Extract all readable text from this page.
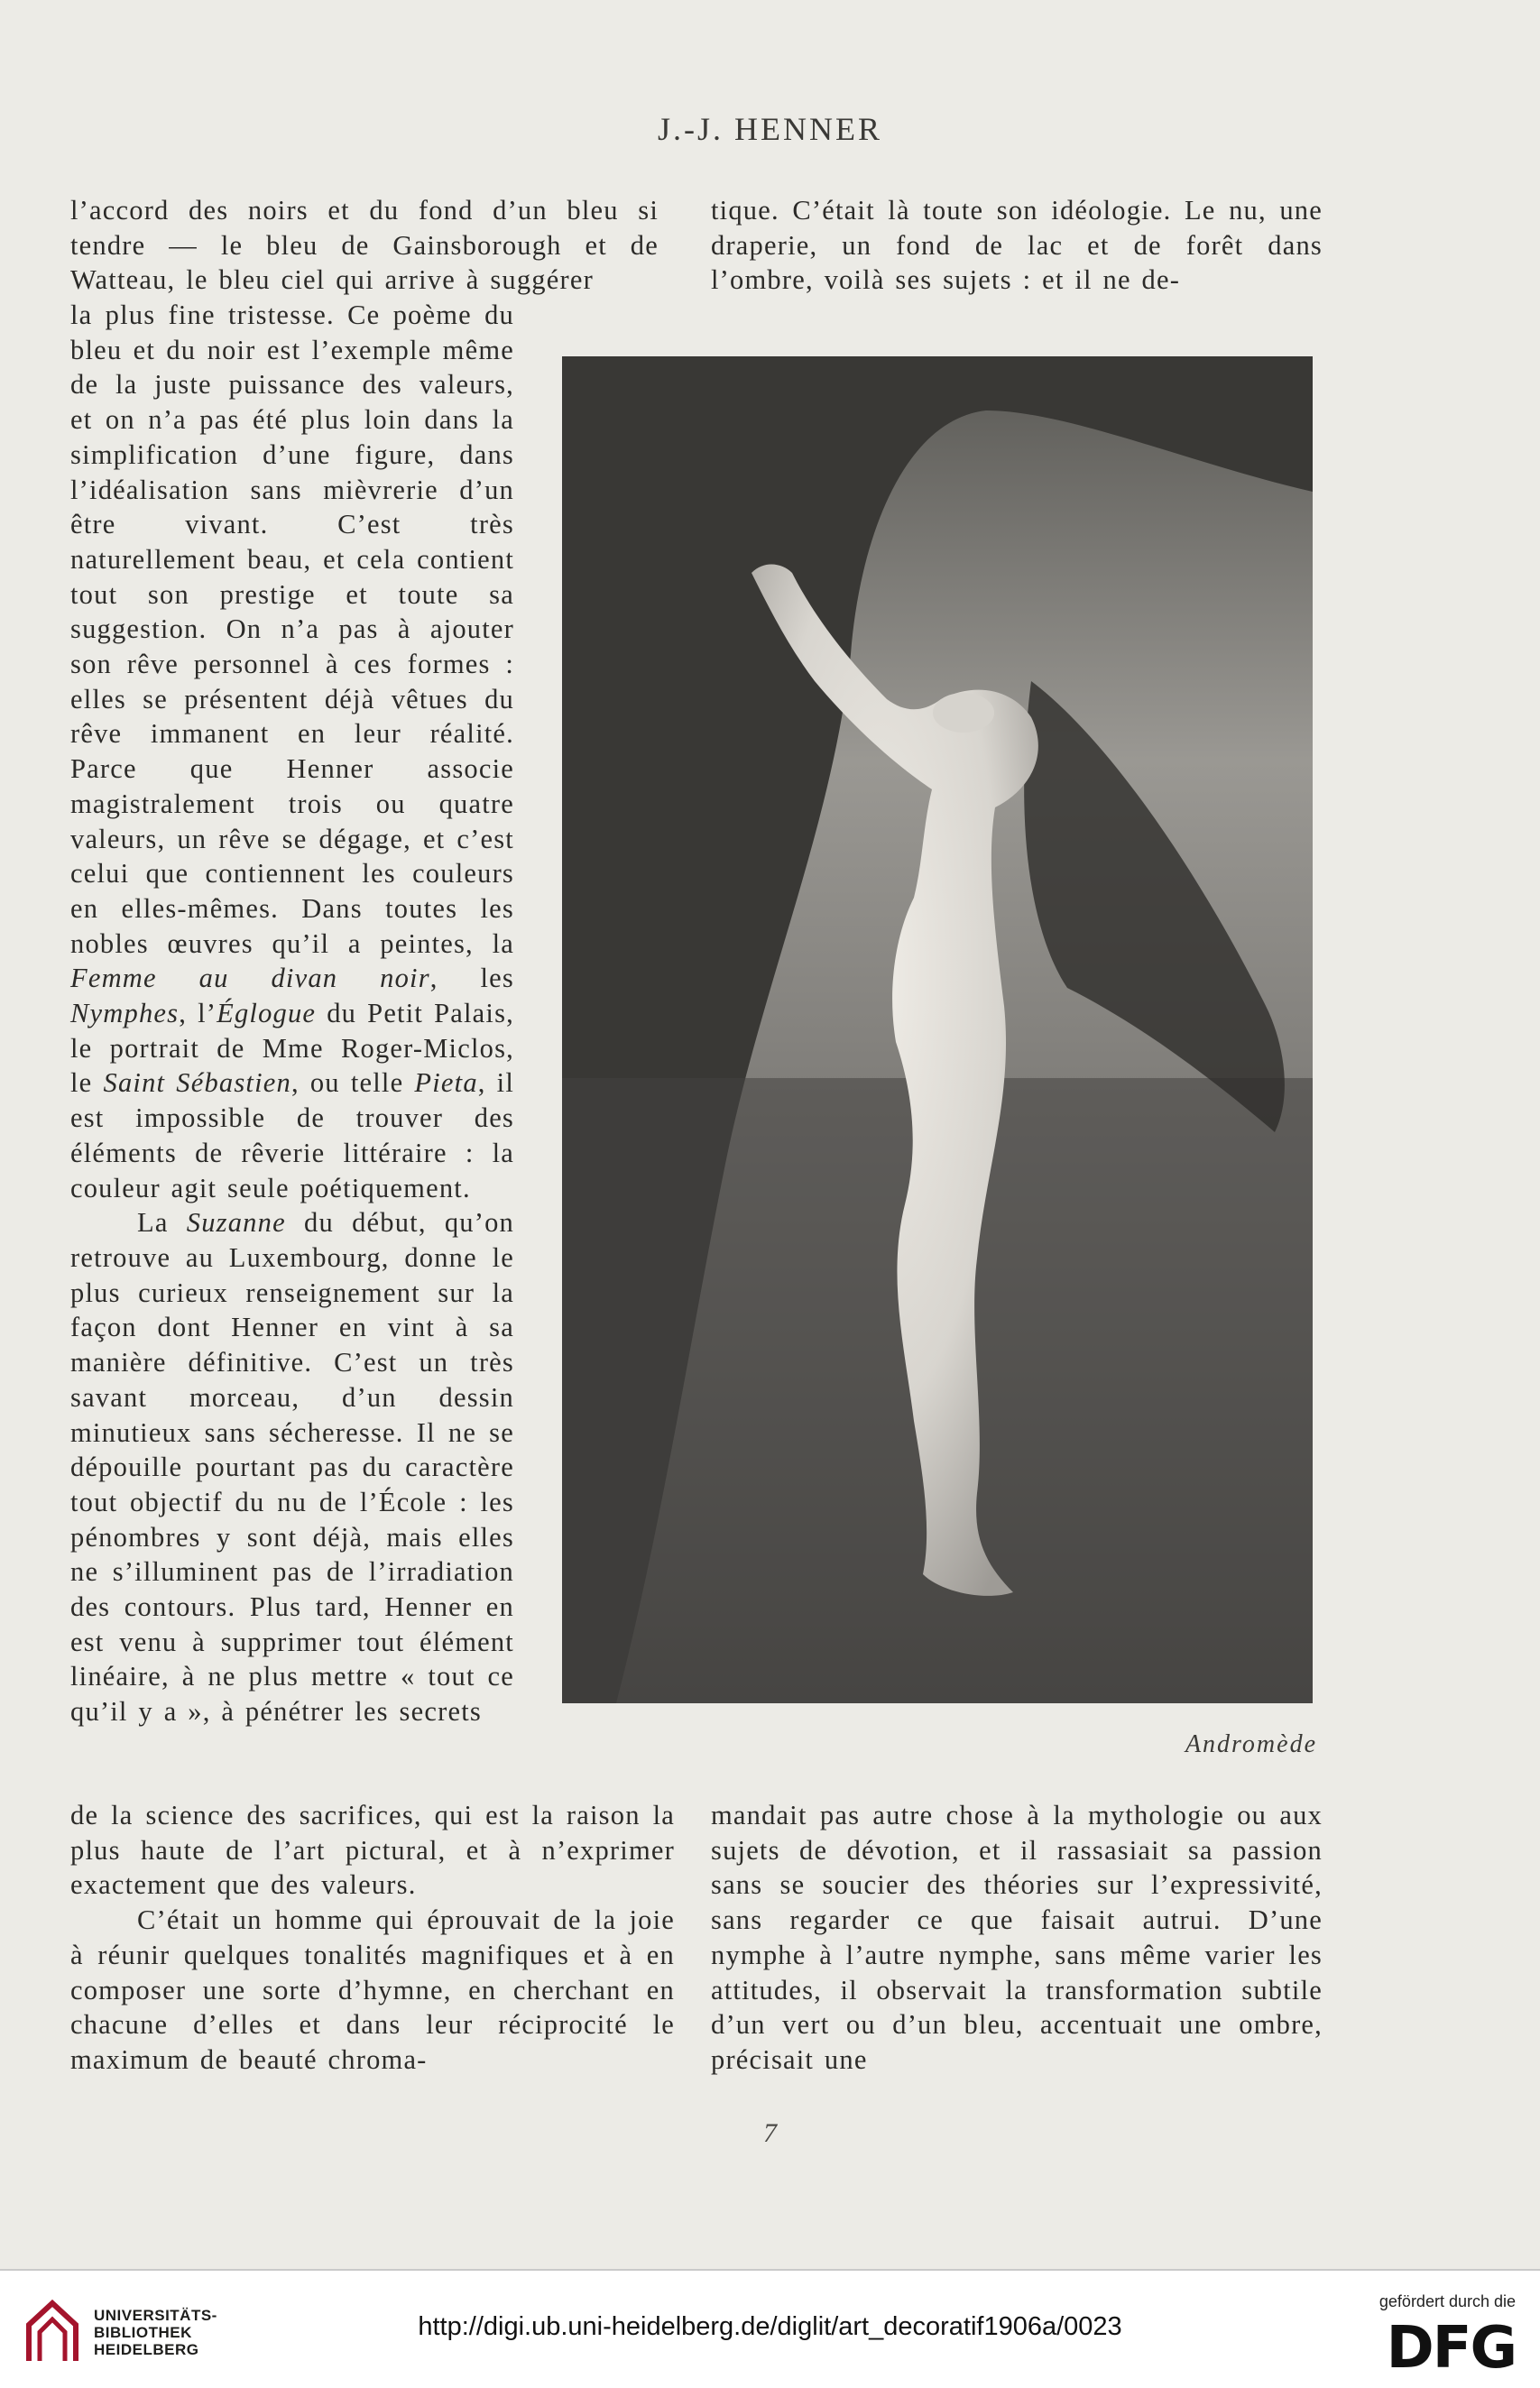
J.-J. HENNER

l’accord des noirs et du fond d’un bleu si tendre — le bleu de Gainsborough et de Watteau, le bleu ciel qui arrive à suggérer

la plus fine tristesse. Ce poème du bleu et du noir est l’exemple même de la juste puissance des valeurs, et on n’a pas été plus loin dans la simplification d’une figure, dans l’idéalisation sans mièvrerie d’un être vivant. C’est très naturellement beau, et cela contient tout son prestige et toute sa suggestion. On n’a pas à ajouter son rêve personnel à ces formes : elles se présentent déjà vêtues du rêve immanent en leur réalité. Parce que Henner associe magistralement trois ou quatre valeurs, un rêve se dégage, et c’est celui que contiennent les couleurs en elles-mêmes. Dans toutes les nobles œuvres qu’il a peintes, la Femme au divan noir, les Nymphes, l’Églogue du Petit Palais, le portrait de Mme Roger-Miclos, le Saint Sébastien, ou telle Pieta, il est impossible de trouver des éléments de rêverie littéraire : la couleur agit seule poétiquement.

La Suzanne du début, qu’on retrouve au Luxembourg, donne le plus curieux renseignement sur la façon dont Henner en vint à sa manière définitive. C’est un très savant morceau, d’un dessin minutieux sans sécheresse. Il ne se dépouille pourtant pas du caractère tout objectif du nu de l’École : les pénombres y sont déjà, mais elles ne s’illuminent pas de l’irradiation des contours. Plus tard, Henner en est venu à supprimer tout élément linéaire, à ne plus mettre « tout ce qu’il y a », à pénétrer les secrets

de la science des sacrifices, qui est la raison la plus haute de l’art pictural, et à n’exprimer exactement que des valeurs.

C’était un homme qui éprouvait de la joie à réunir quelques tonalités magnifiques et à en composer une sorte d’hymne, en cherchant en chacune d’elles et dans leur réciprocité le maximum de beauté chroma-

tique. C’était là toute son idéologie. Le nu, une draperie, un fond de lac et de forêt dans l’ombre, voilà ses sujets : et il ne de-

Andromède

mandait pas autre chose à la mythologie ou aux sujets de dévotion, et il rassasiait sa passion sans se soucier des théories sur l’expressivité, sans regarder ce que faisait autrui. D’une nymphe à l’autre nymphe, sans même varier les attitudes, il observait la transformation subtile d’un vert ou d’un bleu, accentuait une ombre, précisait une

7
UNIVERSITÄTS-
BIBLIOTHEK
HEIDELBERG
http://digi.ub.uni-heidelberg.de/diglit/art_decoratif1906a/0023
gefördert durch die
DFG
